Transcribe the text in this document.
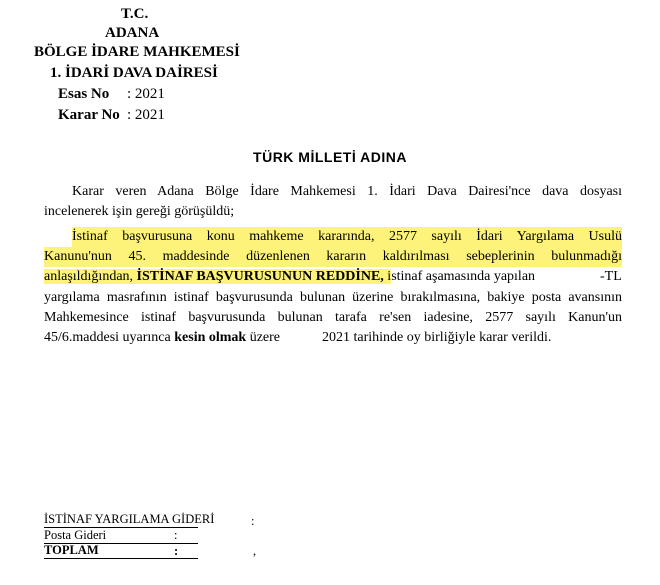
T.C.
ADANA
BÖLGE İDARE MAHKEMESİ
1. İDARİ DAVA DAİRESİ
Esas No : 2021
Karar No : 2021
TÜRK MİLLETİ ADINA
Karar veren Adana Bölge İdare Mahkemesi 1. İdari Dava Dairesi'nce dava dosyası
incelenerek işin gereği görüşüldü;
İstinaf başvurusuna konu mahkeme kararında, 2577 sayılı İdari Yargılama Usulü
Kanunu'nun 45. maddesinde düzenlenen kararın kaldırılması sebeplerinin bulunmadığı
anlaşıldığından, İSTİNAF BAŞVURUSUNUN REDDİNE, istinaf aşamasında yapılan	-TL
yargılama masrafının istinaf başvurusunda bulunan üzerine bırakılmasına, bakiye posta avansının
Mahkemesince istinaf başvurusunda bulunan tarafa re'sen iadesine, 2577 sayılı Kanun'un
45/6.maddesi uyarınca kesin olmak üzere	2021 tarihinde oy birliğiyle karar verildi.
İSTİNAF YARGILAMA GİDERİ	:
Posta Gideri	:
TOPLAM	:	,
